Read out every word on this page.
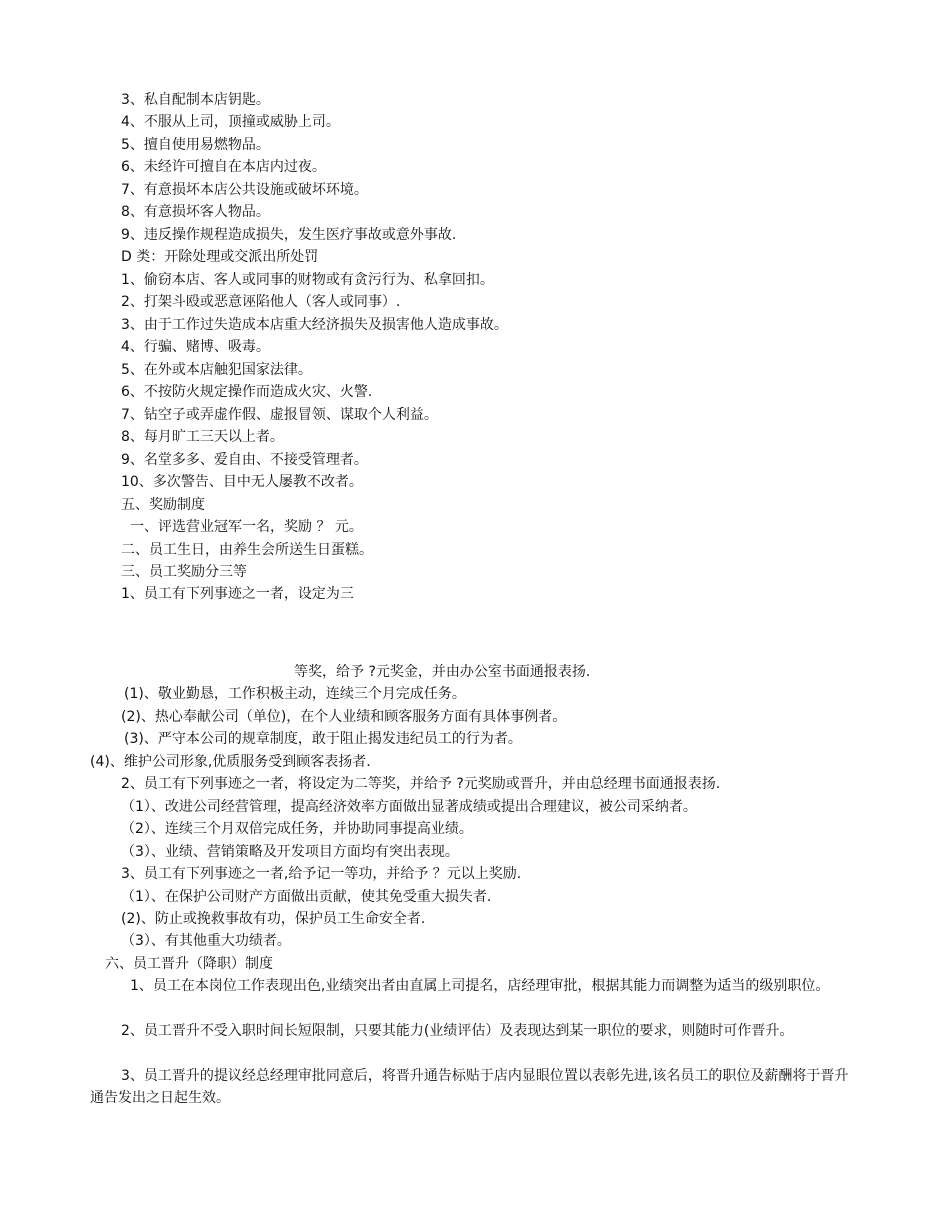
3、私自配制本店钥匙。
4、不服从上司，顶撞或威胁上司。
5、擅自使用易燃物品。
6、未经许可擅自在本店内过夜。
7、有意损坏本店公共设施或破坏环境。
8、有意损坏客人物品。
9、违反操作规程造成损失，发生医疗事故或意外事故.
D 类：开除处理或交派出所处罚
1、偷窃本店、客人或同事的财物或有贪污行为、私拿回扣。
2、打架斗殴或恶意诬陷他人（客人或同事）.
3、由于工作过失造成本店重大经济损失及损害他人造成事故。
4、行骗、赌博、吸毒。
5、在外或本店触犯国家法律。
6、不按防火规定操作而造成火灾、火警.
7、钻空子或弄虚作假、虚报冒领、谋取个人利益。
8、每月旷工三天以上者。
9、名堂多多、爱自由、不接受管理者。
10、多次警告、目中无人屡教不改者。
五、奖励制度
一、评选营业冠军一名，奖励 ？ 元。
二、员工生日，由养生会所送生日蛋糕。
三、员工奖励分三等
1、员工有下列事迹之一者，设定为三
等奖，给予 ?元奖金，并由办公室书面通报表扬.
(1)、敬业勤恳，工作积极主动，连续三个月完成任务。
(2)、热心奉献公司（单位)，在个人业绩和顾客服务方面有具体事例者。
(3)、严守本公司的规章制度，敢于阻止揭发违纪员工的行为者。
(4)、维护公司形象,优质服务受到顾客表扬者.
2、员工有下列事迹之一者，将设定为二等奖，并给予 ?元奖励或晋升，并由总经理书面通报表扬.
（1）、改进公司经营管理，提高经济效率方面做出显著成绩或提出合理建议，被公司采纳者。
（2）、连续三个月双倍完成任务，并协助同事提高业绩。
（3）、业绩、营销策略及开发项目方面均有突出表现。
3、员工有下列事迹之一者,给予记一等功，并给予 ？元以上奖励.
（1）、在保护公司财产方面做出贡献，使其免受重大损失者.
(2)、防止或挽救事故有功，保护员工生命安全者.
（3）、有其他重大功绩者。
六、员工晋升（降职）制度
1、员工在本岗位工作表现出色,业绩突出者由直属上司提名，店经理审批，根据其能力而调整为适当的级别职位。
2、员工晋升不受入职时间长短限制，只要其能力(业绩评估）及表现达到某一职位的要求，则随时可作晋升。
3、员工晋升的提议经总经理审批同意后，将晋升通告标贴于店内显眼位置以表彰先进,该名员工的职位及薪酬将于晋升通告发出之日起生效。
